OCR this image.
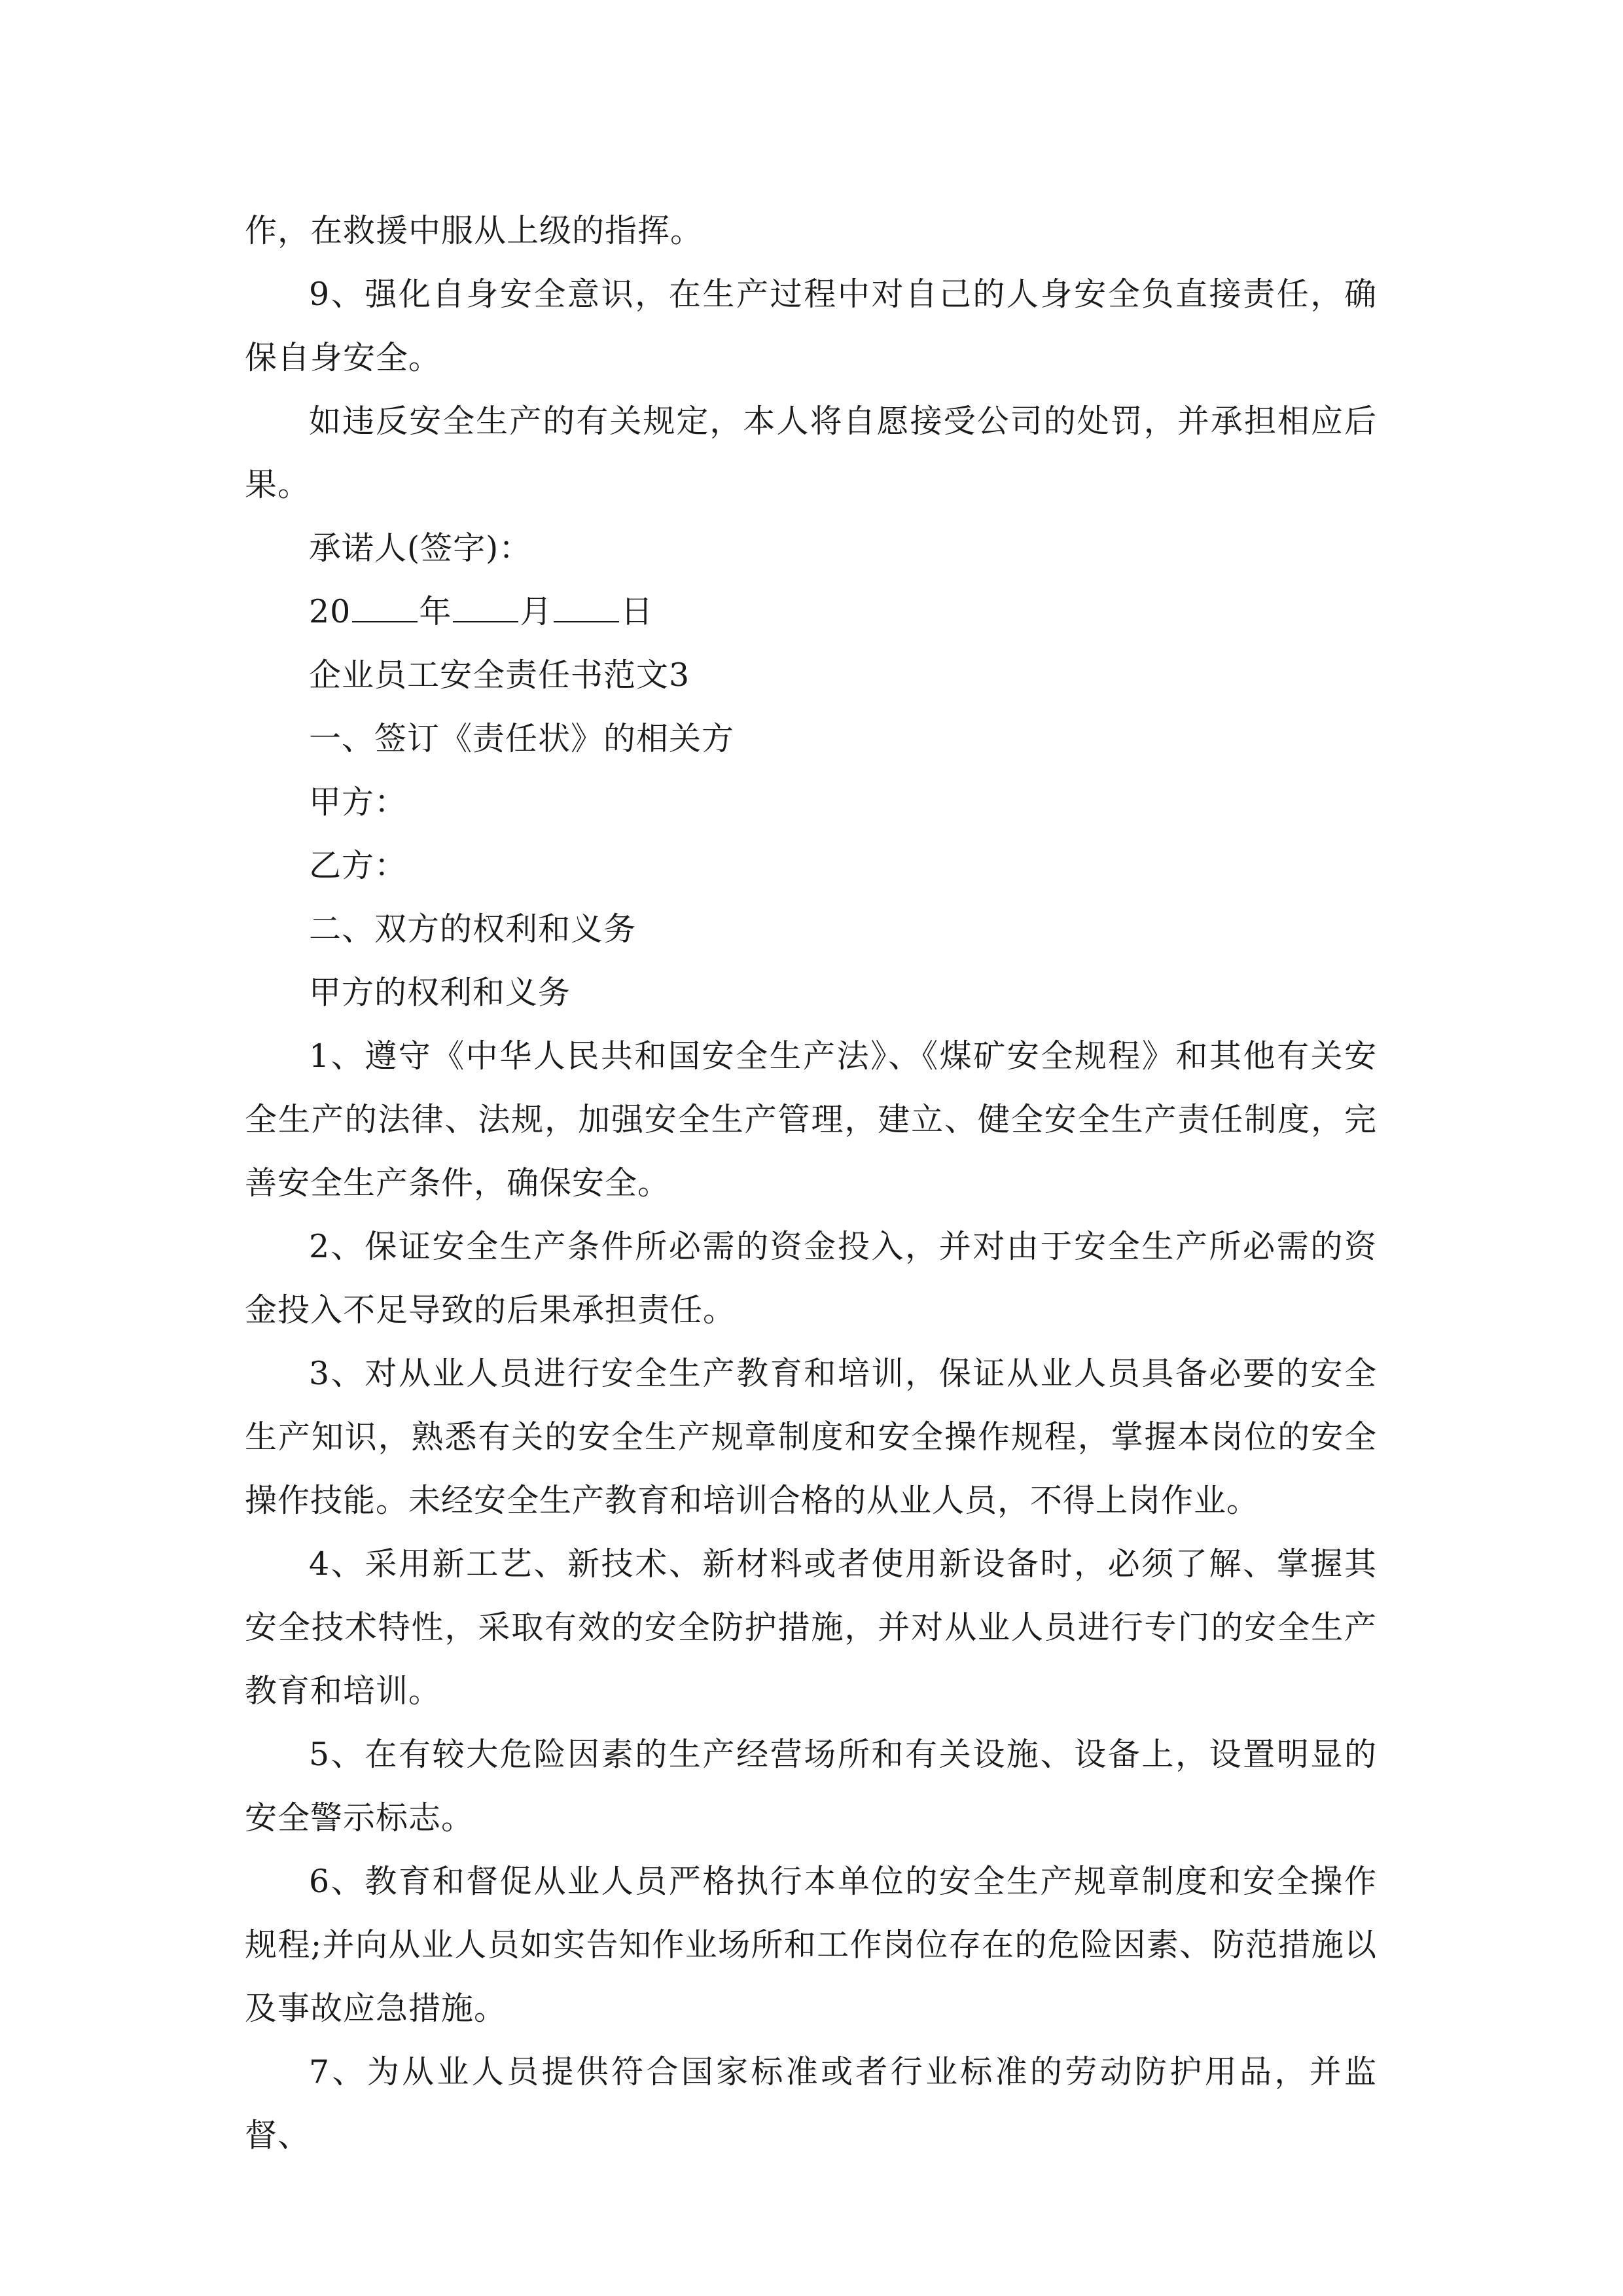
作，在救援中服从上级的指挥。

9、强化自身安全意识，在生产过程中对自己的人身安全负直接责任，确保自身安全。

如违反安全生产的有关规定，本人将自愿接受公司的处罚，并承担相应后果。

承诺人(签字)：

20 年 月 日

企业员工安全责任书范文3

一、签订《责任状》的相关方

甲方：

乙方：

二、双方的权利和义务

甲方的权利和义务

1、遵守《中华人民共和国安全生产法》、《煤矿安全规程》和其他有关安全生产的法律、法规，加强安全生产管理，建立、健全安全生产责任制度，完善安全生产条件，确保安全。

2、保证安全生产条件所必需的资金投入，并对由于安全生产所必需的资金投入不足导致的后果承担责任。

3、对从业人员进行安全生产教育和培训，保证从业人员具备必要的安全生产知识，熟悉有关的安全生产规章制度和安全操作规程，掌握本岗位的安全操作技能。未经安全生产教育和培训合格的从业人员，不得上岗作业。

4、采用新工艺、新技术、新材料或者使用新设备时，必须了解、掌握其安全技术特性，采取有效的安全防护措施，并对从业人员进行专门的安全生产教育和培训。

5、在有较大危险因素的生产经营场所和有关设施、设备上，设置明显的安全警示标志。

6、教育和督促从业人员严格执行本单位的安全生产规章制度和安全操作规程;并向从业人员如实告知作业场所和工作岗位存在的危险因素、防范措施以及事故应急措施。

7、为从业人员提供符合国家标准或者行业标准的劳动防护用品，并监督、
